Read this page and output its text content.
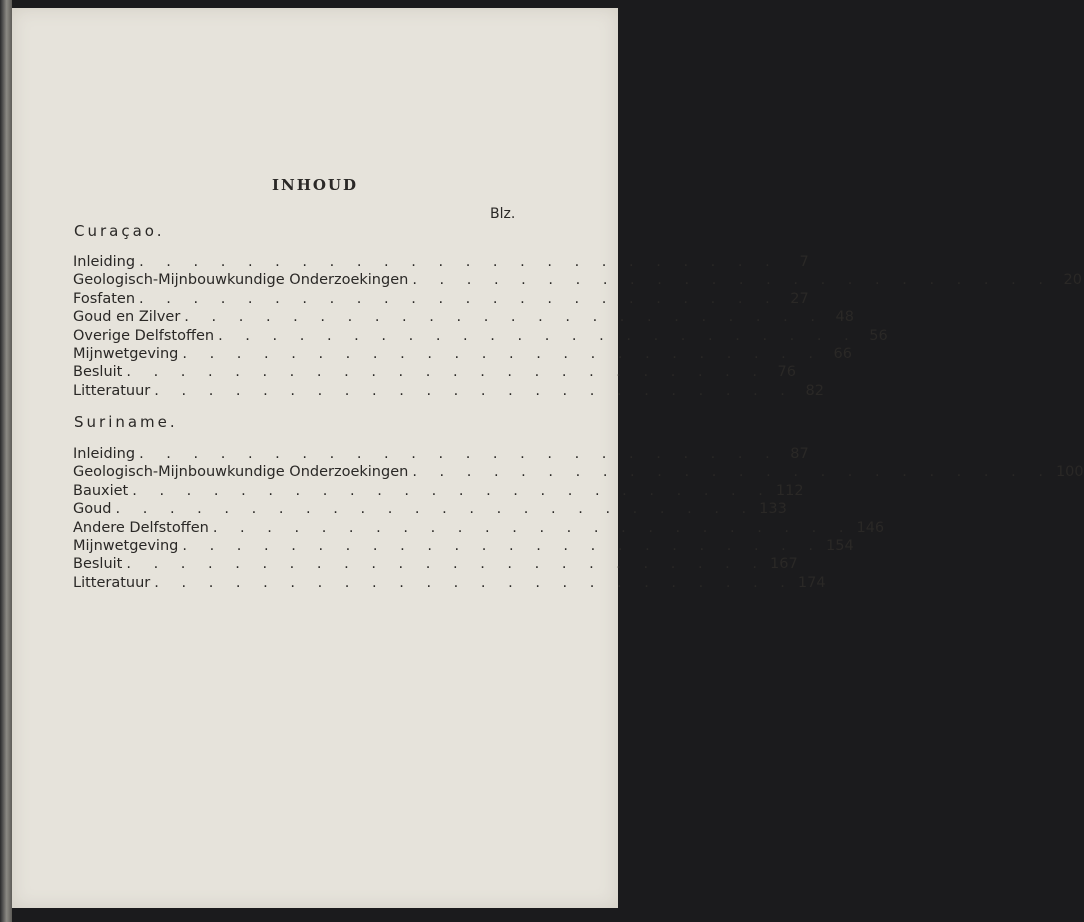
INHOUD
Blz.
Curaçao.
Inleiding . . . . . . . . . . . . . . . . . . . . . . . .	7
Geologisch-Mijnbouwkundige Onderzoekingen . . . . . . . . . . . . . . . . . . . . . . . . 20
Fosfaten . . . . . . . . . . . . . . . . . . . . . . . . 27
Goud en Zilver . . . . . . . . . . . . . . . . . . . . . . . . 48
Overige Delfstoffen . . . . . . . . . . . . . . . . . . . . . . . . 56
Mijnwetgeving . . . . . . . . . . . . . . . . . . . . . . . . 66
Besluit . . . . . . . . . . . . . . . . . . . . . . . . 76
Litteratuur . . . . . . . . . . . . . . . . . . . . . . . . 82
Suriname.
Inleiding . . . . . . . . . . . . . . . . . . . . . . . . 87
Geologisch-Mijnbouwkundige Onderzoekingen . . . . . . . . . . . . . . . . . . . . . . . . 100
Bauxiet . . . . . . . . . . . . . . . . . . . . . . . . 112
Goud . . . . . . . . . . . . . . . . . . . . . . . . 133
Andere Delfstoffen . . . . . . . . . . . . . . . . . . . . . . . . 146
Mijnwetgeving . . . . . . . . . . . . . . . . . . . . . . . . 154
Besluit . . . . . . . . . . . . . . . . . . . . . . . . 167
Litteratuur . . . . . . . . . . . . . . . . . . . . . . . . 174
